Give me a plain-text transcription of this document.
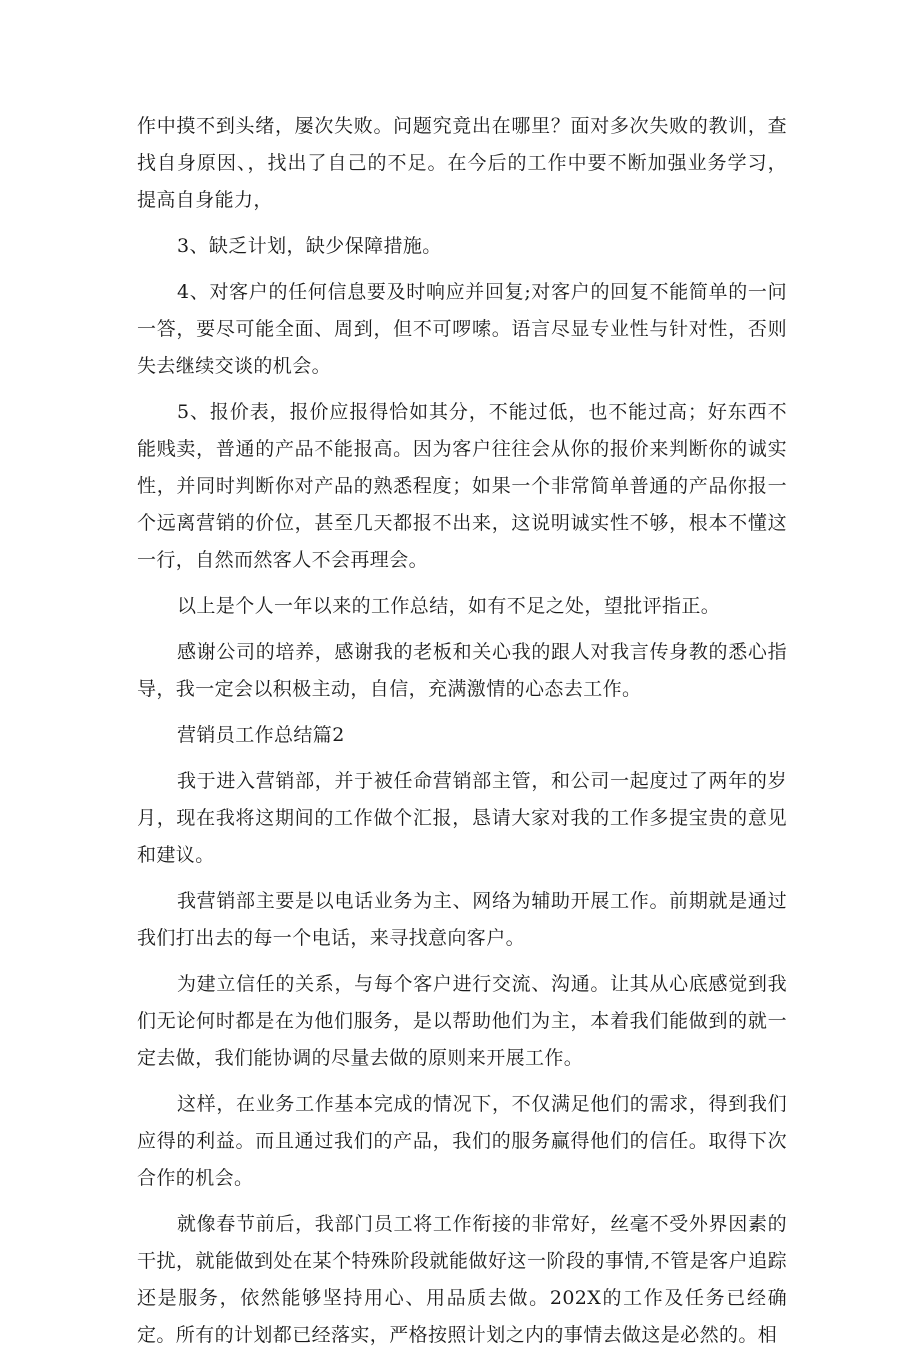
作中摸不到头绪，屡次失败。问题究竟出在哪里？面对多次失败的教训，查找自身原因、，找出了自己的不足。在今后的工作中要不断加强业务学习，提高自身能力，

3、缺乏计划，缺少保障措施。

4、对客户的任何信息要及时响应并回复;对客户的回复不能简单的一问一答，要尽可能全面、周到，但不可啰嗦。语言尽显专业性与针对性，否则失去继续交谈的机会。

5、报价表，报价应报得恰如其分，不能过低，也不能过高；好东西不能贱卖，普通的产品不能报高。因为客户往往会从你的报价来判断你的诚实性，并同时判断你对产品的熟悉程度；如果一个非常简单普通的产品你报一个远离营销的价位，甚至几天都报不出来，这说明诚实性不够，根本不懂这一行，自然而然客人不会再理会。

以上是个人一年以来的工作总结，如有不足之处，望批评指正。

感谢公司的培养，感谢我的老板和关心我的跟人对我言传身教的悉心指导，我一定会以积极主动，自信，充满激情的心态去工作。

营销员工作总结篇2

我于进入营销部，并于被任命营销部主管，和公司一起度过了两年的岁月，现在我将这期间的工作做个汇报，恳请大家对我的工作多提宝贵的意见和建议。

我营销部主要是以电话业务为主、网络为辅助开展工作。前期就是通过我们打出去的每一个电话，来寻找意向客户。

为建立信任的关系，与每个客户进行交流、沟通。让其从心底感觉到我们无论何时都是在为他们服务，是以帮助他们为主，本着我们能做到的就一定去做，我们能协调的尽量去做的原则来开展工作。

这样，在业务工作基本完成的情况下，不仅满足他们的需求，得到我们应得的利益。而且通过我们的产品，我们的服务赢得他们的信任。取得下次合作的机会。

就像春节前后，我部门员工将工作衔接的非常好，丝毫不受外界因素的干扰，就能做到处在某个特殊阶段就能做好这一阶段的事情,不管是客户追踪还是服务，依然能够坚持用心、用品质去做。202X的工作及任务已经确定。所有的计划都已经落实，严格按照计划之内的事情去做这是必然的。相
